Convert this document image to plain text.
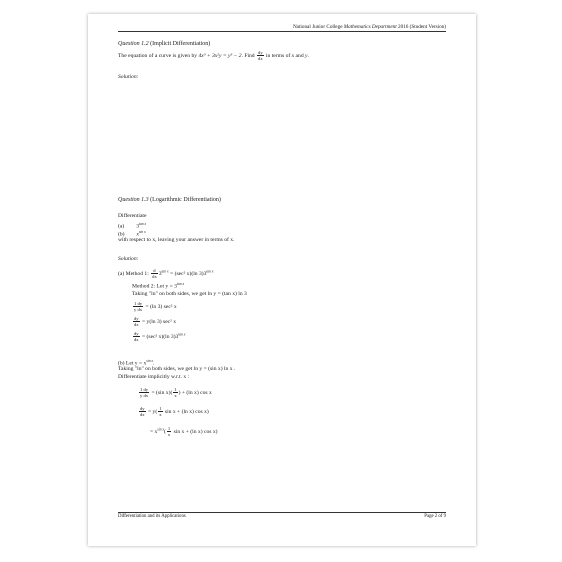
National Junior College Mathematics Department 2016 (Student Version)
Question 1.2 (Implicit Differentiation)
The equation of a curve is given by 4x³ + 3x²y = y³ − 2. Find $\frac{dy}{dx}$ in terms of x and y.
Solution:
Question 1.3 (Logarithmic Differentiation)
Differentiate
(a) $3^{tan x}$
(b) $x^{sin x}$
with respect to x, leaving your answer in terms of x.
Solution:
(a) Method 1: $\frac{d}{dx} 3^{tan x} = (\sec^2$ x)(ln $3)3^{tan x}$
Method 2: Let $y = 3^{tan x}$
Taking "ln" on both sides, we get ln y = (tan x) ln 3
$\frac{1 dy}{\text{y dx}} = (\ln$ 3) sec² x
$\frac{dy}{dx} = y(\ln$ 3) sec² x
$\frac{dy}{dx} = (\sec^2$ x)(ln $3)3^{tan x}$
(b) Let $y = x^{sin x}$.
Taking "ln" on both sides, we get ln y = (sin x) ln x .
Differentiate implicitly w.r.t. x :
$\frac{1 dy}{\text{y dx}} = (\sin$ $x)( \frac{1}{x}$ ) + (ln x) cos x
$\frac{dy}{dx} = y( \frac{1}{x}$ sin x + (ln x) cos x)
= $x^{sin x}( \frac{1}{x}$ sin x + (ln x) cos x)
Differentiation and its Applications	Page 2 of 9
